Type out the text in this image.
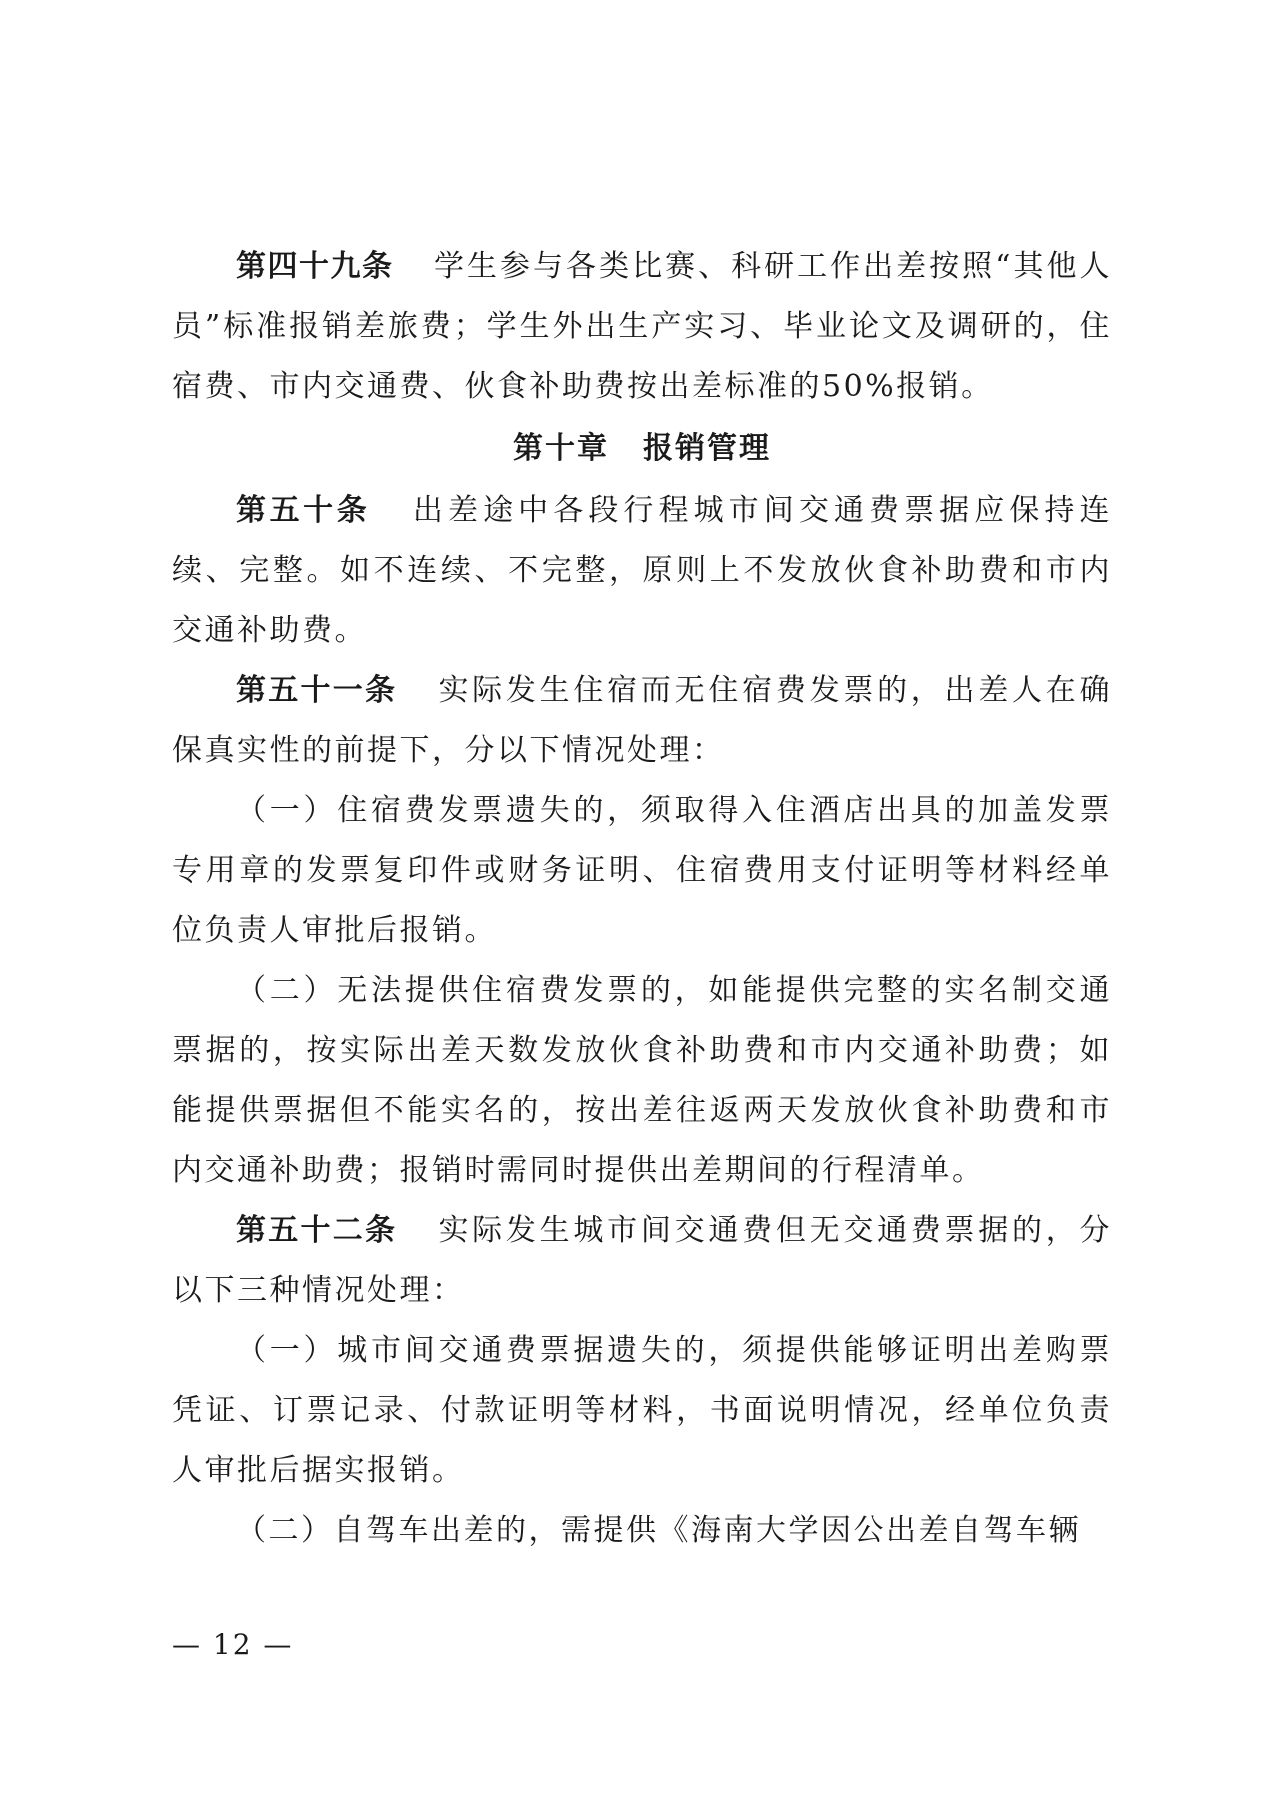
第四十九条 学生参与各类比赛、科研工作出差按照“其他人员”标准报销差旅费；学生外出生产实习、毕业论文及调研的，住宿费、市内交通费、伙食补助费按出差标准的50%报销。

第十章 报销管理

第五十条 出差途中各段行程城市间交通费票据应保持连续、完整。如不连续、不完整，原则上不发放伙食补助费和市内交通补助费。

第五十一条 实际发生住宿而无住宿费发票的，出差人在确保真实性的前提下，分以下情况处理：

（一）住宿费发票遗失的，须取得入住酒店出具的加盖发票专用章的发票复印件或财务证明、住宿费用支付证明等材料经单位负责人审批后报销。

（二）无法提供住宿费发票的，如能提供完整的实名制交通票据的，按实际出差天数发放伙食补助费和市内交通补助费；如能提供票据但不能实名的，按出差往返两天发放伙食补助费和市内交通补助费；报销时需同时提供出差期间的行程清单。

第五十二条 实际发生城市间交通费但无交通费票据的，分以下三种情况处理：

（一）城市间交通费票据遗失的，须提供能够证明出差购票凭证、订票记录、付款证明等材料，书面说明情况，经单位负责人审批后据实报销。

（二）自驾车出差的，需提供《海南大学因公出差自驾车辆

— 12 —
